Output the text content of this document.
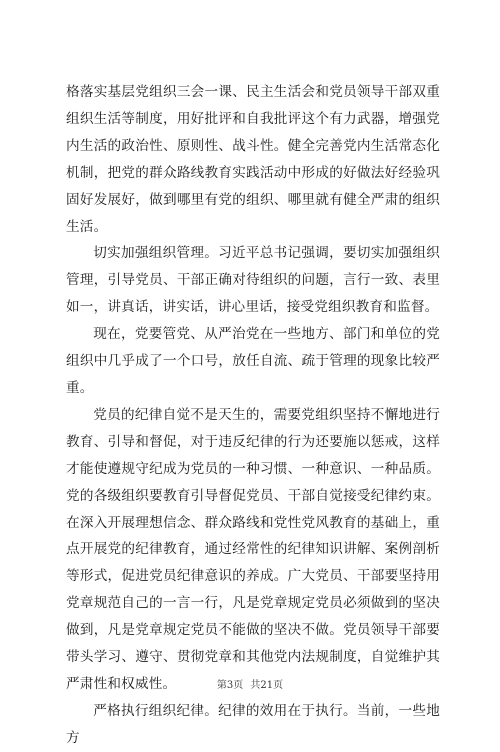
格落实基层党组织三会一课、民主生活会和党员领导干部双重组织生活等制度，用好批评和自我批评这个有力武器，增强党内生活的政治性、原则性、战斗性。健全完善党内生活常态化机制，把党的群众路线教育实践活动中形成的好做法好经验巩固好发展好，做到哪里有党的组织、哪里就有健全严肃的组织生活。

切实加强组织管理。习近平总书记强调，要切实加强组织管理，引导党员、干部正确对待组织的问题，言行一致、表里如一，讲真话，讲实话，讲心里话，接受党组织教育和监督。

现在，党要管党、从严治党在一些地方、部门和单位的党组织中几乎成了一个口号，放任自流、疏于管理的现象比较严重。

党员的纪律自觉不是天生的，需要党组织坚持不懈地进行教育、引导和督促，对于违反纪律的行为还要施以惩戒，这样才能使遵规守纪成为党员的一种习惯、一种意识、一种品质。党的各级组织要教育引导督促党员、干部自觉接受纪律约束。在深入开展理想信念、群众路线和党性党风教育的基础上，重点开展党的纪律教育，通过经常性的纪律知识讲解、案例剖析等形式，促进党员纪律意识的养成。广大党员、干部要坚持用党章规范自己的一言一行，凡是党章规定党员必须做到的坚决做到，凡是党章规定党员不能做的坚决不做。党员领导干部要带头学习、遵守、贯彻党章和其他党内法规制度，自觉维护其严肃性和权威性。

严格执行组织纪律。纪律的效用在于执行。当前，一些地方

第3页 共21页
